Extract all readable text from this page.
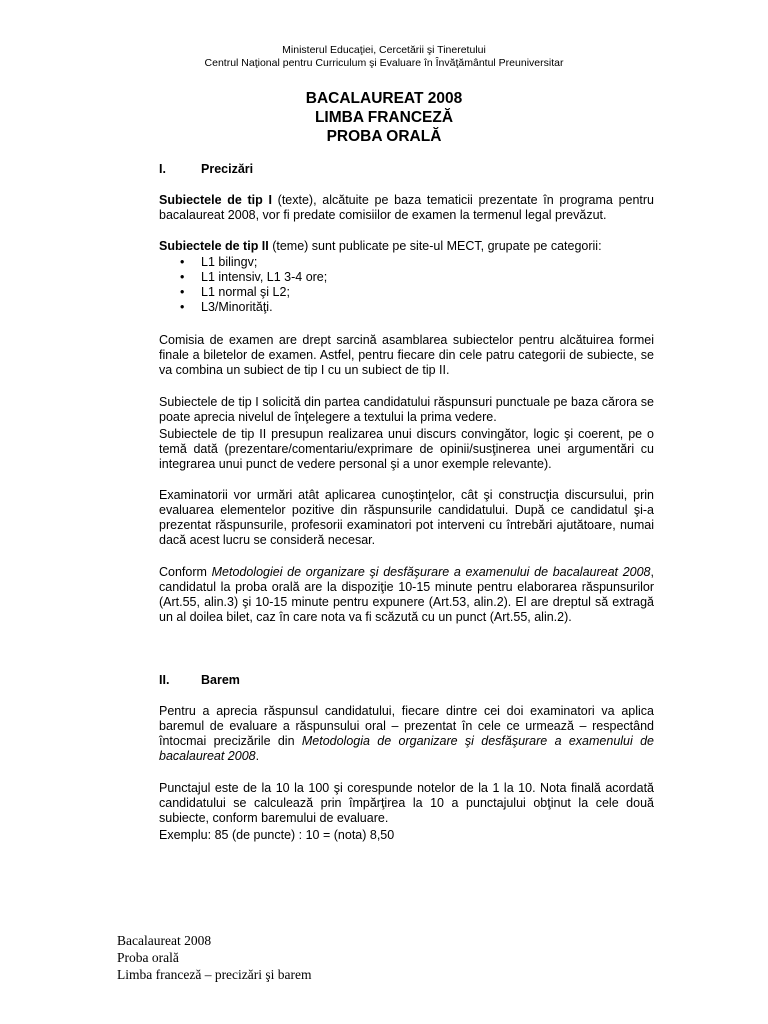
Ministerul Educaţiei, Cercetării şi Tineretului
Centrul Naţional pentru Curriculum şi Evaluare în Învăţământul Preuniversitar
BACALAUREAT 2008
LIMBA FRANCEZĂ
PROBA ORALĂ
I.	Precizări
Subiectele de tip I (texte), alcătuite pe baza tematicii prezentate în programa pentru bacalaureat 2008, vor fi predate comisiilor de examen la termenul legal prevăzut.
Subiectele de tip II (teme) sunt publicate pe site-ul MECT, grupate pe categorii:
• L1 bilingv;
• L1 intensiv, L1 3-4 ore;
• L1 normal şi L2;
• L3/Minorităţi.
Comisia de examen are drept sarcină asamblarea subiectelor pentru alcătuirea formei finale a biletelor de examen. Astfel, pentru fiecare din cele patru categorii de subiecte, se va combina un subiect de tip I cu un subiect de tip II.
Subiectele de tip I solicită din partea candidatului răspunsuri punctuale pe baza cărora se poate aprecia nivelul de înţelegere a textului la prima vedere.
Subiectele de tip II presupun realizarea unui discurs convingător, logic şi coerent, pe o temă dată (prezentare/comentariu/exprimare de opinii/susţinerea unei argumentări cu integrarea unui punct de vedere personal şi a unor exemple relevante).
Examinatorii vor urmări atât aplicarea cunoştinţelor, cât şi construcţia discursului, prin evaluarea elementelor pozitive din răspunsurile candidatului. După ce candidatul şi-a prezentat răspunsurile, profesorii examinatori pot interveni cu întrebări ajutătoare, numai dacă acest lucru se consideră necesar.
Conform Metodologiei de organizare şi desfăşurare a examenului de bacalaureat 2008, candidatul la proba orală are la dispoziţie 10-15 minute pentru elaborarea răspunsurilor (Art.55, alin.3) şi 10-15 minute pentru expunere (Art.53, alin.2). El are dreptul să extragă un al doilea bilet, caz în care nota va fi scăzută cu un punct (Art.55, alin.2).
II.	Barem
Pentru a aprecia răspunsul candidatului, fiecare dintre cei doi examinatori va aplica baremul de evaluare a răspunsului oral – prezentat în cele ce urmează – respectând întocmai precizările din Metodologia de organizare şi desfăşurare a examenului de bacalaureat 2008.
Punctajul este de la 10 la 100 şi corespunde notelor de la 1 la 10. Nota finală acordată candidatului se calculează prin împărţirea la 10 a punctajului obţinut la cele două subiecte, conform baremului de evaluare.
Exemplu: 85 (de puncte) : 10 = (nota) 8,50
Bacalaureat 2008
Proba orală
Limba franceză – precizări şi barem
